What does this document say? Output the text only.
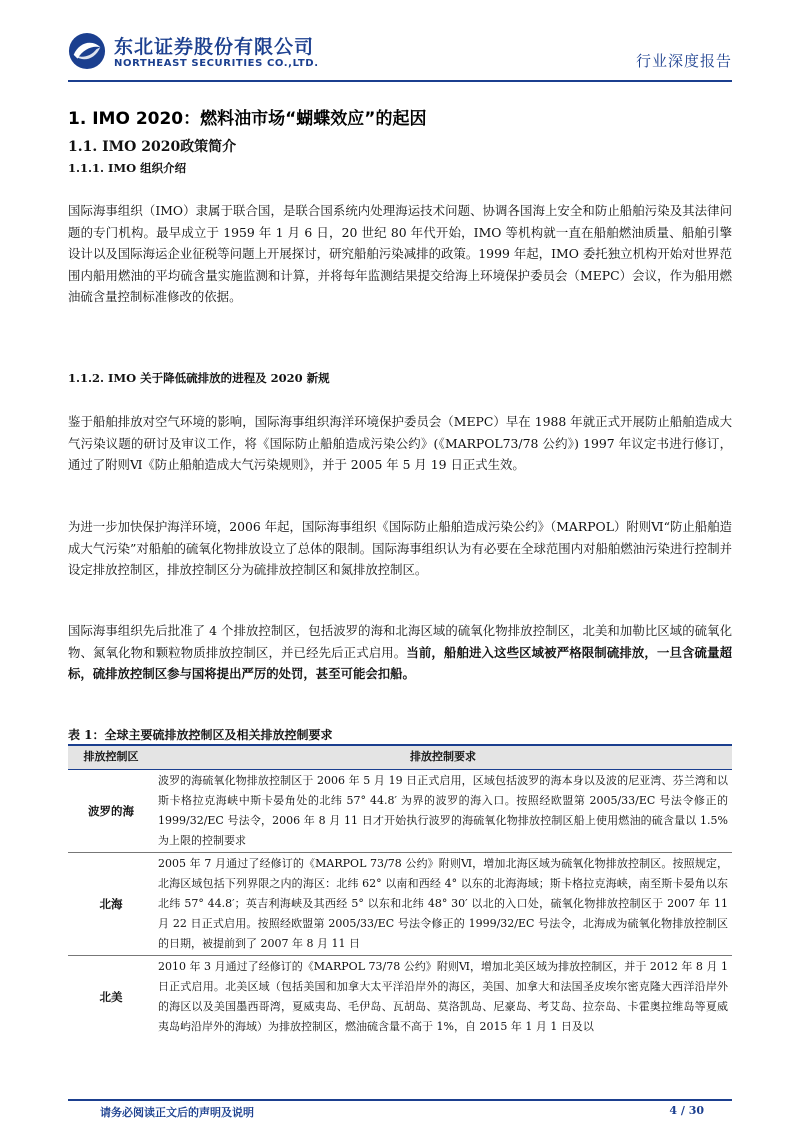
东北证券股份有限公司
NORTHEAST SECURITIES CO.,LTD.	行业深度报告
1. IMO 2020：燃料油市场“蝴蝶效应”的起因
1.1. IMO 2020政策简介
1.1.1. IMO 组织介绍

国际海事组织（IMO）隶属于联合国，是联合国系统内处理海运技术问题、协调各国海上安全和防止船舶污染及其法律问题的专门机构。最早成立于 1959 年 1 月 6 日，20 世纪 80 年代开始，IMO 等机构就一直在船舶燃油质量、船舶引擎设计以及国际海运企业征税等问题上开展探讨，研究船舶污染减排的政策。1999 年起，IMO 委托独立机构开始对世界范围内船用燃油的平均硫含量实施监测和计算，并将每年监测结果提交给海上环境保护委员会（MEPC）会议，作为船用燃油硫含量控制标准修改的依据。

1.1.2. IMO 关于降低硫排放的进程及 2020 新规

鉴于船舶排放对空气环境的影响，国际海事组织海洋环境保护委员会（MEPC）早在 1988 年就正式开展防止船舶造成大气污染议题的研讨及审议工作，将《国际防止船舶造成污染公约》(《MARPOL73/78 公约》) 1997 年议定书进行修订，通过了附则Ⅵ《防止船舶造成大气污染规则》，并于 2005 年 5 月 19 日正式生效。

为进一步加快保护海洋环境，2006 年起，国际海事组织《国际防止船舶造成污染公约》（MARPOL）附则Ⅵ“防止船舶造成大气污染”对船舶的硫氧化物排放设立了总体的限制。国际海事组织认为有必要在全球范围内对船舶燃油污染进行控制并设定排放控制区，排放控制区分为硫排放控制区和氮排放控制区。

国际海事组织先后批准了 4 个排放控制区，包括波罗的海和北海区域的硫氧化物排放控制区，北美和加勒比区域的硫氧化物、氮氧化物和颗粒物质排放控制区，并已经先后正式启用。当前，船舶进入这些区域被严格限制硫排放，一旦含硫量超标，硫排放控制区参与国将提出严厉的处罚，甚至可能会扣船。

表 1：全球主要硫排放控制区及相关排放控制要求
排放控制区	排放控制要求
波罗的海	波罗的海硫氧化物排放控制区于 2006 年 5 月 19 日正式启用，区域包括波罗的海本身以及波的尼亚湾、芬兰湾和以斯卡格拉克海峡中斯卡晏角处的北纬 57° 44.8′ 为界的波罗的海入口。按照经欧盟第 2005/33/EC 号法令修正的 1999/32/EC 号法令，2006 年 8 月 11 日才开始执行波罗的海硫氧化物排放控制区船上使用燃油的硫含量以 1.5%为上限的控制要求
北海	2005 年 7 月通过了经修订的《MARPOL 73/78 公约》附则Ⅵ，增加北海区域为硫氧化物排放控制区。按照规定，北海区域包括下列界限之内的海区：北纬 62° 以南和西经 4° 以东的北海海域；斯卡格拉克海峡，南至斯卡晏角以东北纬 57° 44.8′；英吉利海峡及其西经 5° 以东和北纬 48° 30′ 以北的入口处，硫氧化物排放控制区于 2007 年 11 月 22 日正式启用。按照经欧盟第 2005/33/EC 号法令修正的 1999/32/EC 号法令，北海成为硫氧化物排放控制区的日期，被提前到了 2007 年 8 月 11 日
北美	2010 年 3 月通过了经修订的《MARPOL 73/78 公约》附则Ⅵ，增加北美区域为排放控制区，并于 2012 年 8 月 1 日正式启用。北美区域（包括美国和加拿大太平洋沿岸外的海区，美国、加拿大和法国圣皮埃尔密克隆大西洋沿岸外的海区以及美国墨西哥湾，夏威夷岛、毛伊岛、瓦胡岛、莫洛凯岛、尼豪岛、考艾岛、拉奈岛、卡霍奥拉维岛等夏威夷岛屿沿岸外的海域）为排放控制区，燃油硫含量不高于 1%，自 2015 年 1 月 1 日及以
请务必阅读正文后的声明及说明	4 / 30
